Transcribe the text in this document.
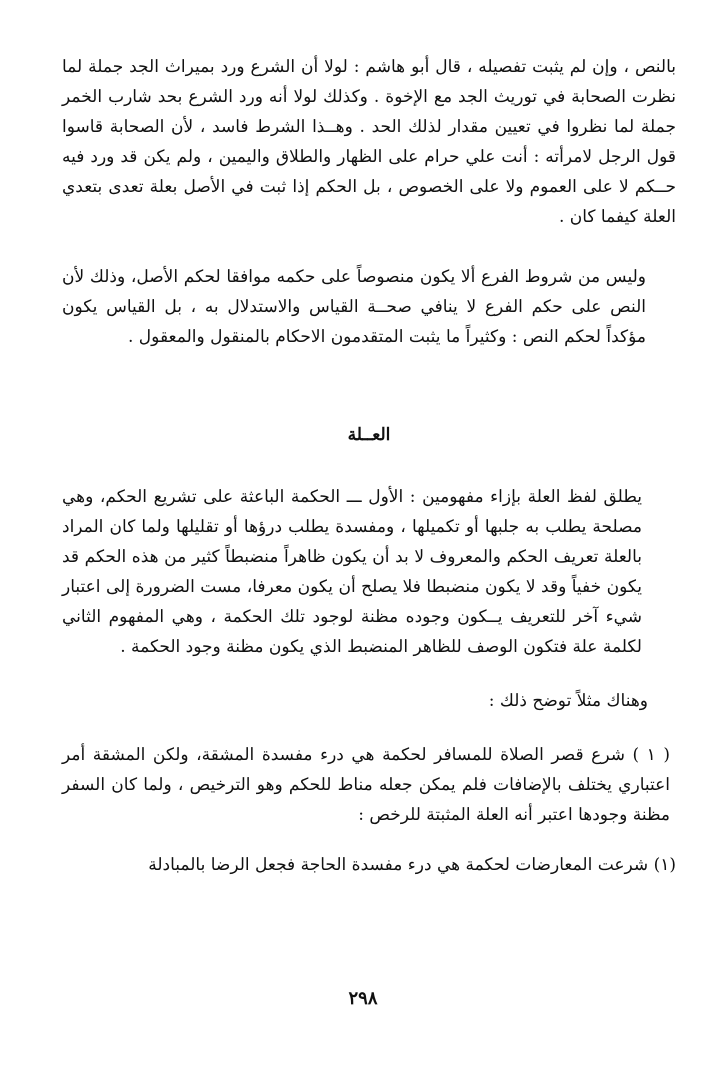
بالنص ، وإن لم يثبت تفصيله ، قال أبو هاشم : لولا أن الشرع ورد بميراث الجد جملة لما نظرت الصحابة في توريث الجد مع الإخوة . وكذلك لولا أنه ورد الشرع بحد شارب الخمر جملة لما نظروا في تعيين مقدار لذلك الحد . وهــذا الشرط فاسد ، لأن الصحابة قاسوا قول الرجل لامرأته : أنت علي حرام على الظهار والطلاق واليمين ، ولم يكن قد ورد فيه حــكم لا على العموم ولا على الخصوص ، بل الحكم إذا ثبت في الأصل بعلة تعدى بتعدي العلة كيفما كان .

وليس من شروط الفرع ألا يكون منصوصاً على حكمه موافقا لحكم الأصل، وذلك لأن النص على حكم الفرع لا ينافي صحــة القياس والاستدلال به ، بل القياس يكون مؤكداً لحكم النص : وكثيراً ما يثبت المتقدمون الاحكام بالمنقول والمعقول .

العــلة

يطلق لفظ العلة بإزاء مفهومين : الأول ـــ الحكمة الباعثة على تشريع الحكم، وهي مصلحة يطلب به جلبها أو تكميلها ، ومفسدة يطلب درؤها أو تقليلها ولما كان المراد بالعلة تعريف الحكم والمعروف لا بد أن يكون ظاهراً منضبطاً كثير من هذه الحكم قد يكون خفياً وقد لا يكون منضبطا فلا يصلح أن يكون معرفا، مست الضرورة إلى اعتبار شيء آخر للتعريف يــكون وجوده مظنة لوجود تلك الحكمة ، وهي المفهوم الثاني لكلمة علة فتكون الوصف للظاهر المنضبط الذي يكون مظنة وجود الحكمة .

وهناك مثلاً توضح ذلك :

( ١ ) شرع قصر الصلاة للمسافر لحكمة هي درء مفسدة المشقة، ولكن المشقة أمر اعتباري يختلف بالإضافات فلم يمكن جعله مناط للحكم وهو الترخيص ، ولما كان السفر مظنة وجودها اعتبر أنه العلة المثبتة للرخص :

(١) شرعت المعارضات لحكمة هي درء مفسدة الحاجة فجعل الرضا بالمبادلة

٢٩٨
